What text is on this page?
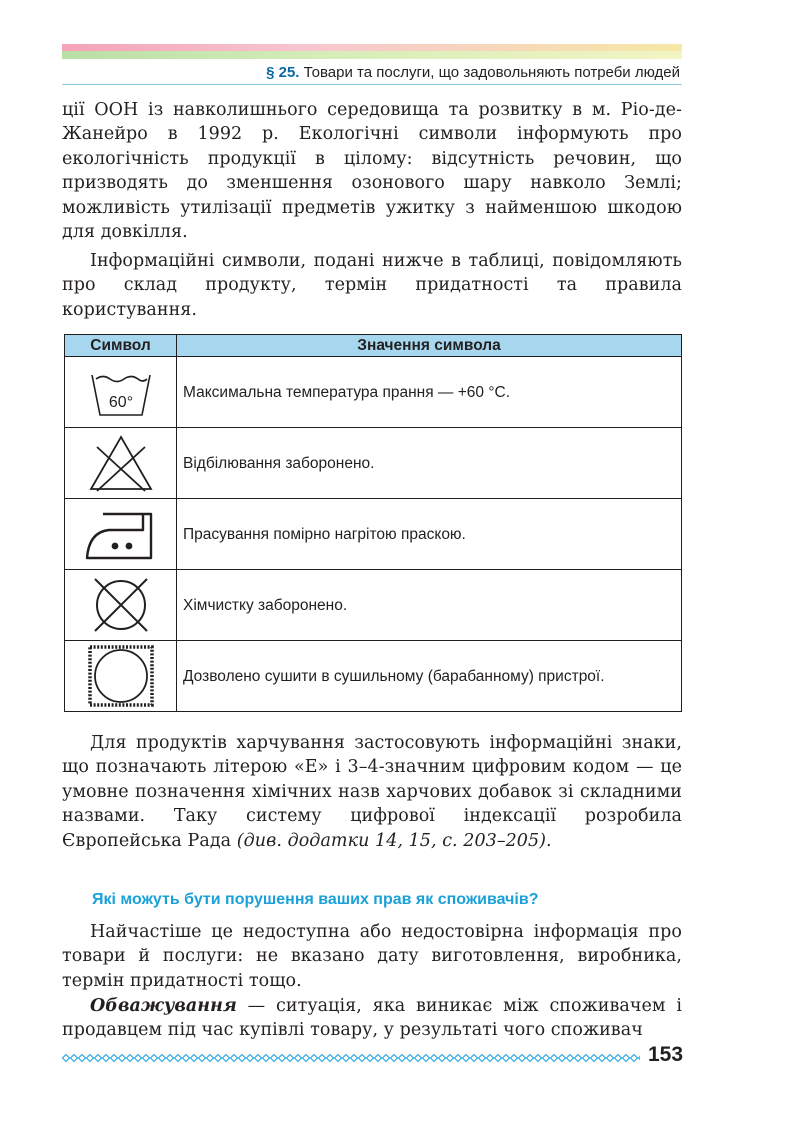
§ 25. Товари та послуги, що задовольняють потреби людей

ції ООН із навколишнього середовища та розвитку в м. Ріо-де-Жанейро в 1992 р. Екологічні символи інформують про екологічність продукції в цілому: відсутність речовин, що призводять до зменшення озонового шару навколо Землі; можливість утилізації предметів ужитку з найменшою шкодою для довкілля.

Інформаційні символи, подані нижче в таблиці, повідомляють про склад продукту, термін придатності та правила користування.

Символ	Значення символа

60°	Максимальна температура прання — +60 °C.

	Відбілювання заборонено.

	Прасування помірно нагрітою праскою.

	Хімчистку заборонено.

	Дозволено сушити в сушильному (барабанному) пристрої.

Для продуктів харчування застосовують інформаційні знаки, що позначають літерою «Е» і 3–4-значним цифровим кодом — це умовне позначення хімічних назв харчових добавок зі складними назвами. Таку систему цифрової індексації розробила Європейська Рада (див. додатки 14, 15, с. 203–205).

Які можуть бути порушення ваших прав як споживачів?

Найчастіше це недоступна або недостовірна інформація про товари й послуги: не вказано дату виготовлення, виробника, термін придатності тощо.

Обважування — ситуація, яка виникає між споживачем і продавцем під час купівлі товару, у результаті чого споживач

153
